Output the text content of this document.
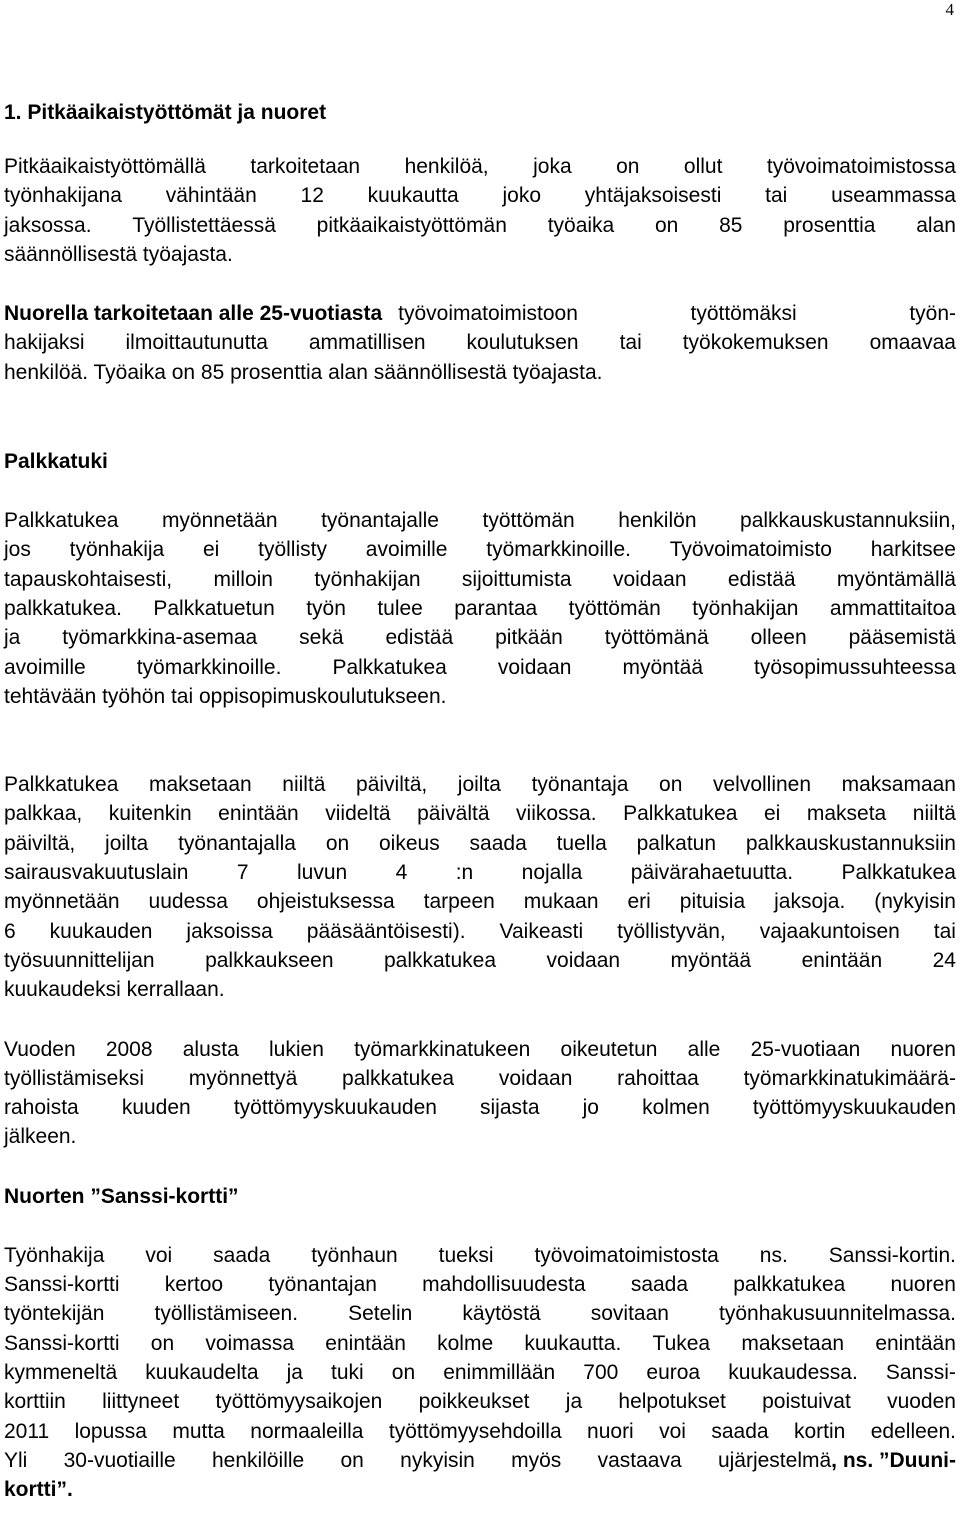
4
1. Pitkäaikaistyöttömät ja nuoret
Pitkäaikaistyöttömällä tarkoitetaan henkilöä, joka on ollut työvoimatoimistossa
työnhakijana vähintään 12 kuukautta joko yhtäjaksoisesti tai useammassa
jaksossa. Työllistettäessä pitkäaikaistyöttömän työaika on 85 prosenttia alan
säännöllisestä työajasta.
Nuorella tarkoitetaan alle 25-vuotiasta työvoimatoimistoon	työttömäksi	työn-
hakijaksi ilmoittautunutta ammatillisen koulutuksen tai työkokemuksen omaavaa
henkilöä. Työaika on 85 prosenttia alan säännöllisestä työajasta.
Palkkatuki
Palkkatukea myönnetään työnantajalle työttömän henkilön palkkauskustannuksiin,
jos työnhakija ei työllisty avoimille työmarkkinoille. Työvoimatoimisto harkitsee
tapauskohtaisesti, milloin työnhakijan sijoittumista voidaan edistää myöntämällä
palkkatukea. Palkkatuetun työn tulee parantaa työttömän työnhakijan ammattitaitoa
ja työmarkkina-asemaa sekä edistää pitkään työttömänä olleen pääsemistä
avoimille työmarkkinoille. Palkkatukea voidaan myöntää työsopimussuhteessa
tehtävään työhön tai oppisopimuskoulutukseen.
Palkkatukea maksetaan niiltä päiviltä, joilta työnantaja on velvollinen maksamaan
palkkaa, kuitenkin enintään viideltä päivältä viikossa. Palkkatukea ei makseta niiltä
päiviltä, joilta työnantajalla on oikeus saada tuella palkatun palkkauskustannuksiin
sairausvakuutuslain 7 luvun 4 :n nojalla päivärahaetuutta. Palkkatukea
myönnetään uudessa ohjeistuksessa tarpeen mukaan eri pituisia jaksoja. (nykyisin
6 kuukauden jaksoissa pääsääntöisesti). Vaikeasti työllistyvän, vajaakuntoisen tai
työsuunnittelijan palkkaukseen palkkatukea voidaan myöntää enintään 24
kuukaudeksi kerrallaan.
Vuoden 2008 alusta lukien työmarkkinatukeen oikeutetun alle 25-vuotiaan nuoren
työllistämiseksi myönnettyä palkkatukea voidaan rahoittaa työmarkkinatukimäärä-
rahoista kuuden työttömyyskuukauden sijasta jo kolmen työttömyyskuukauden
jälkeen.
Nuorten ”Sanssi-kortti”
Työnhakija voi saada työnhaun tueksi työvoimatoimistosta ns. Sanssi-kortin.
Sanssi-kortti kertoo työnantajan mahdollisuudesta saada palkkatukea nuoren
työntekijän työllistämiseen. Setelin käytöstä sovitaan työnhakusuunnitelmassa.
Sanssi-kortti on voimassa enintään kolme kuukautta. Tukea maksetaan enintään
kymmeneltä kuukaudelta ja tuki on enimmillään 700 euroa kuukaudessa. Sanssi-
korttiin liittyneet työttömyysaikojen poikkeukset ja helpotukset poistuivat vuoden
2011 lopussa mutta normaaleilla työttömyysehdoilla nuori voi saada kortin edelleen.
Yli 30-vuotiaille henkilöille on nykyisin myös vastaava ujärjestelmä , ns. ”Duuni-
kortti”.
